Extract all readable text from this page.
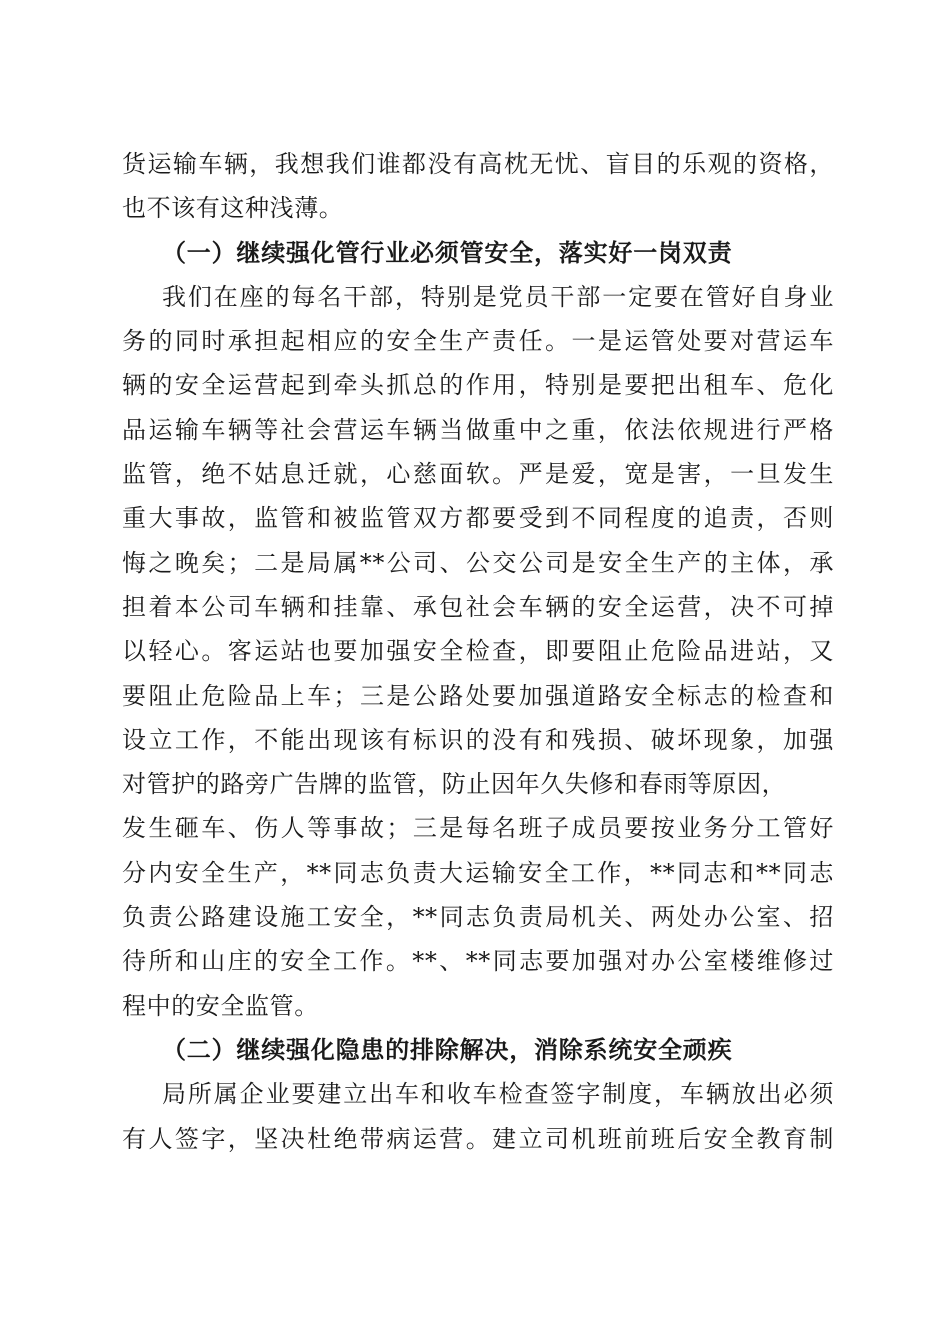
货运输车辆，我想我们谁都没有高枕无忧、盲目的乐观的资格，
也不该有这种浅薄。
（一）继续强化管行业必须管安全，落实好一岗双责
我们在座的每名干部，特别是党员干部一定要在管好自身业
务的同时承担起相应的安全生产责任。一是运管处要对营运车
辆的安全运营起到牵头抓总的作用，特别是要把出租车、危化
品运输车辆等社会营运车辆当做重中之重，依法依规进行严格
监管，绝不姑息迁就，心慈面软。严是爱，宽是害，一旦发生
重大事故，监管和被监管双方都要受到不同程度的追责，否则
悔之晚矣；二是局属**公司、公交公司是安全生产的主体，承
担着本公司车辆和挂靠、承包社会车辆的安全运营，决不可掉
以轻心。客运站也要加强安全检查，即要阻止危险品进站，又
要阻止危险品上车；三是公路处要加强道路安全标志的检查和
设立工作，不能出现该有标识的没有和残损、破坏现象，加强
对管护的路旁广告牌的监管，防止因年久失修和春雨等原因，
发生砸车、伤人等事故；三是每名班子成员要按业务分工管好
分内安全生产，**同志负责大运输安全工作，**同志和**同志
负责公路建设施工安全，**同志负责局机关、两处办公室、招
待所和山庄的安全工作。**、**同志要加强对办公室楼维修过
程中的安全监管。
（二）继续强化隐患的排除解决，消除系统安全顽疾
局所属企业要建立出车和收车检查签字制度，车辆放出必须
有人签字，坚决杜绝带病运营。建立司机班前班后安全教育制
